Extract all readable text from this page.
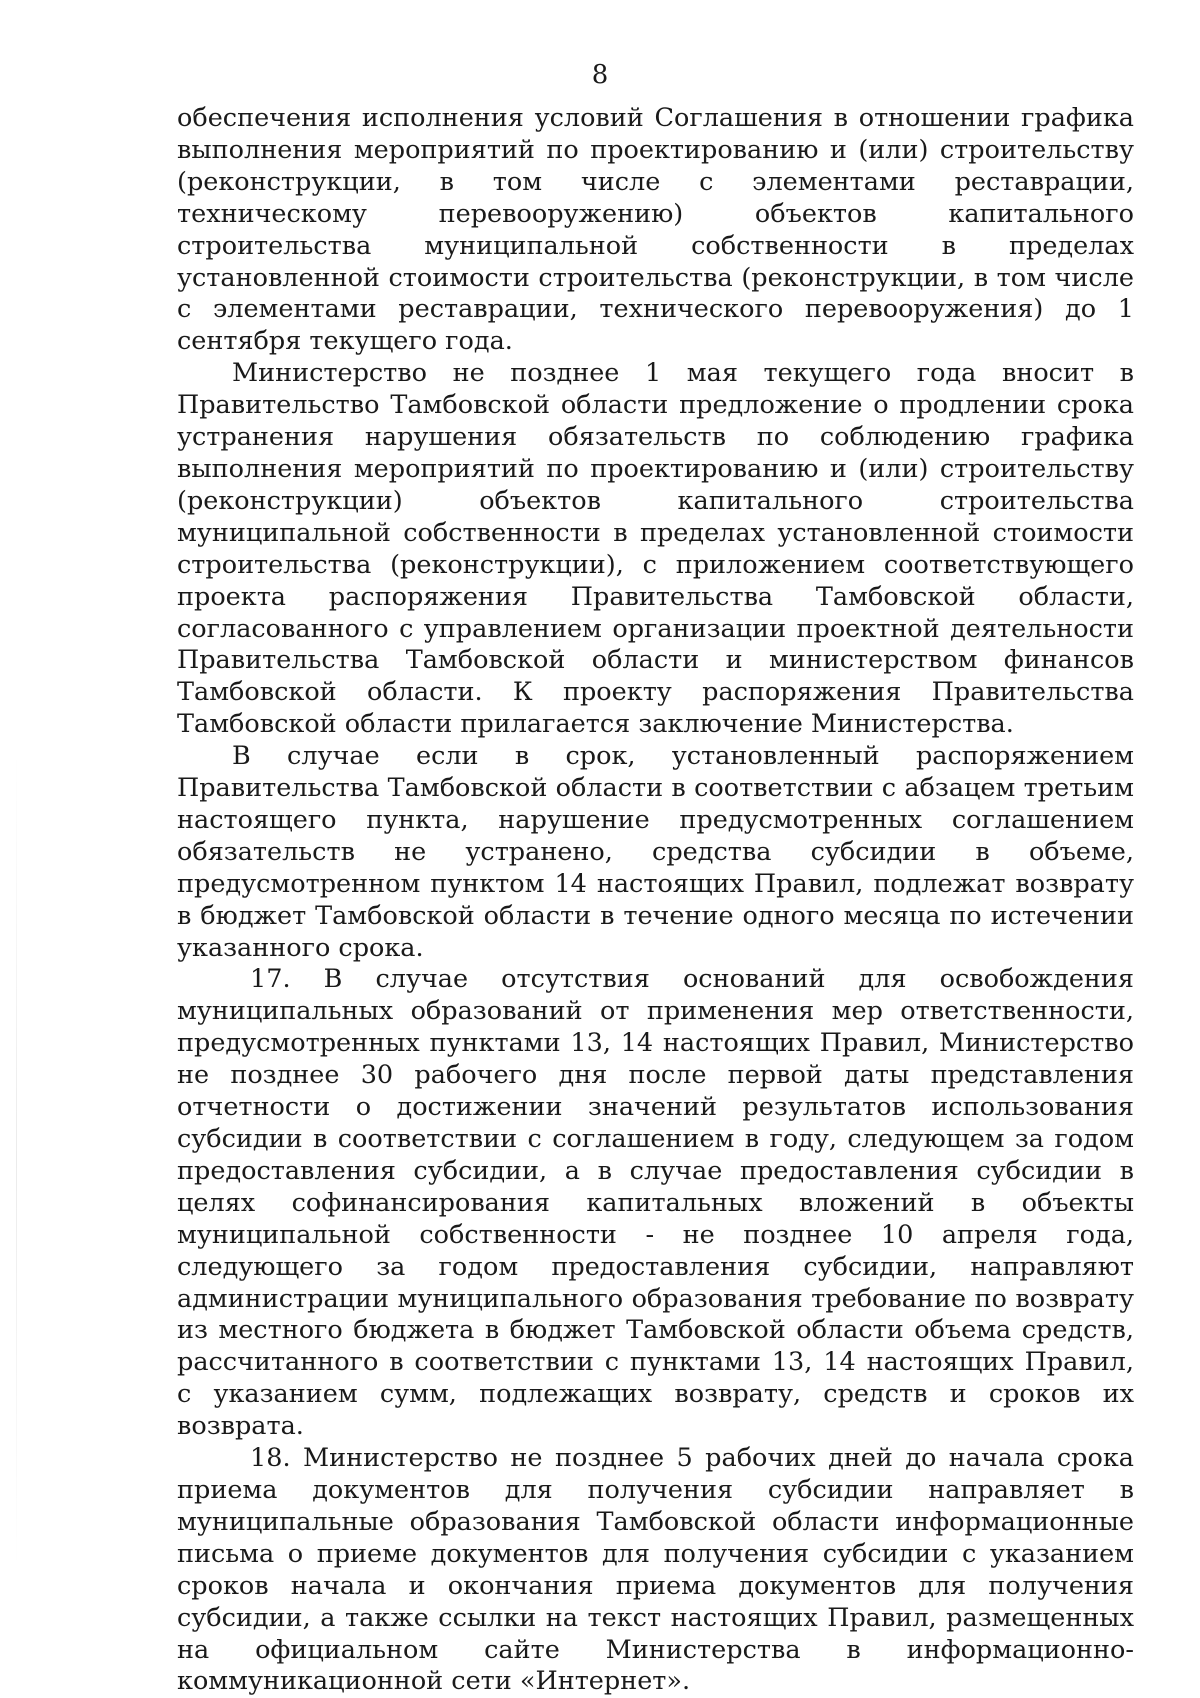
8

обеспечения исполнения условий Соглашения в отношении графика выполнения мероприятий по проектированию и (или) строительству (реконструкции, в том числе с элементами реставрации, техническому перевооружению) объектов капитального строительства муниципальной собственности в пределах установленной стоимости строительства (реконструкции, в том числе с элементами реставрации, технического перевооружения) до 1 сентября текущего года.

Министерство не позднее 1 мая текущего года вносит в Правительство Тамбовской области предложение о продлении срока устранения нарушения обязательств по соблюдению графика выполнения мероприятий по проектированию и (или) строительству (реконструкции) объектов капитального строительства муниципальной собственности в пределах установленной стоимости строительства (реконструкции), с приложением соответствующего проекта распоряжения Правительства Тамбовской области, согласованного с управлением организации проектной деятельности Правительства Тамбовской области и министерством финансов Тамбовской области. К проекту распоряжения Правительства Тамбовской области прилагается заключение Министерства.

В случае если в срок, установленный распоряжением Правительства Тамбовской области в соответствии с абзацем третьим настоящего пункта, нарушение предусмотренных соглашением обязательств не устранено, средства субсидии в объеме, предусмотренном пунктом 14 настоящих Правил, подлежат возврату в бюджет Тамбовской области в течение одного месяца по истечении указанного срока.

17. В случае отсутствия оснований для освобождения муниципальных образований от применения мер ответственности, предусмотренных пунктами 13, 14 настоящих Правил, Министерство не позднее 30 рабочего дня после первой даты представления отчетности о достижении значений результатов использования субсидии в соответствии с соглашением в году, следующем за годом предоставления субсидии, а в случае предоставления субсидии в целях софинансирования капитальных вложений в объекты муниципальной собственности - не позднее 10 апреля года, следующего за годом предоставления субсидии, направляют администрации муниципального образования требование по возврату из местного бюджета в бюджет Тамбовской области объема средств, рассчитанного в соответствии с пунктами 13, 14 настоящих Правил, с указанием сумм, подлежащих возврату, средств и сроков их возврата.

18. Министерство не позднее 5 рабочих дней до начала срока приема документов для получения субсидии направляет в муниципальные образования Тамбовской области информационные письма о приеме документов для получения субсидии с указанием сроков начала и окончания приема документов для получения субсидии, а также ссылки на текст настоящих Правил, размещенных на официальном сайте Министерства в информационно-коммуникационной сети «Интернет».
